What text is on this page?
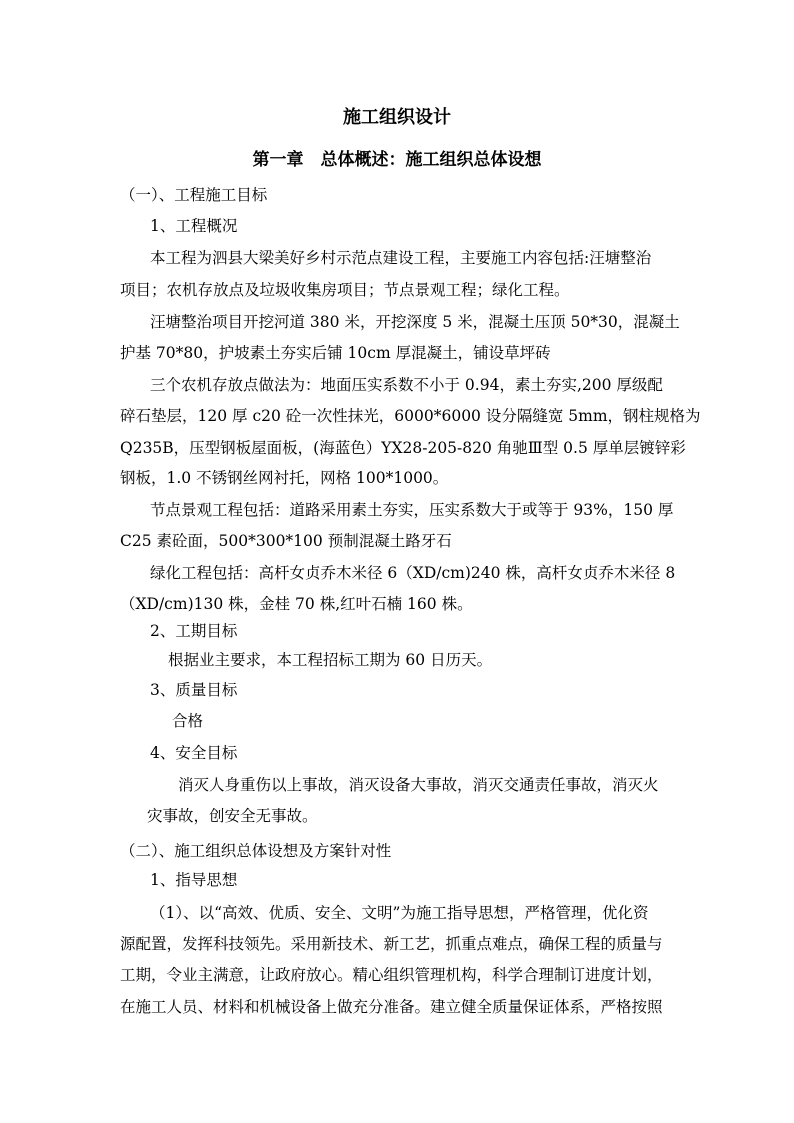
施工组织设计
第一章　总体概述：施工组织总体设想
（一）、工程施工目标
1、工程概况
本工程为泗县大梁美好乡村示范点建设工程，主要施工内容包括:汪塘整治
项目；农机存放点及垃圾收集房项目；节点景观工程；绿化工程。
汪塘整治项目开挖河道 380 米，开挖深度 5 米，混凝土压顶 50*30，混凝土
护基 70*80，护坡素土夯实后铺 10cm 厚混凝土，铺设草坪砖
三个农机存放点做法为：地面压实系数不小于 0.94，素土夯实,200 厚级配
碎石垫层，120 厚 c20 砼一次性抹光，6000*6000 设分隔缝宽 5mm，钢柱规格为
Q235B，压型钢板屋面板，(海蓝色）YX28-205-820 角驰Ⅲ型 0.5 厚单层镀锌彩
钢板，1.0 不锈钢丝网衬托，网格 100*1000。
节点景观工程包括：道路采用素土夯实，压实系数大于或等于 93%，150 厚
C25 素砼面，500*300*100 预制混凝土路牙石
绿化工程包括：高杆女贞乔木米径 6（XD/cm)240 株，高杆女贞乔木米径 8
（XD/cm)130 株，金桂 70 株,红叶石楠 160 株。
2、工期目标
根据业主要求，本工程招标工期为 60 日历天。
3、质量目标
合格
4、安全目标
消灭人身重伤以上事故，消灭设备大事故，消灭交通责任事故，消灭火
灾事故，创安全无事故。
（二）、施工组织总体设想及方案针对性
1、指导思想
（1）、以“高效、优质、安全、文明”为施工指导思想，严格管理，优化资
源配置，发挥科技领先。采用新技术、新工艺，抓重点难点，确保工程的质量与
工期，令业主满意，让政府放心。精心组织管理机构，科学合理制订进度计划，
在施工人员、材料和机械设备上做充分准备。建立健全质量保证体系，严格按照
